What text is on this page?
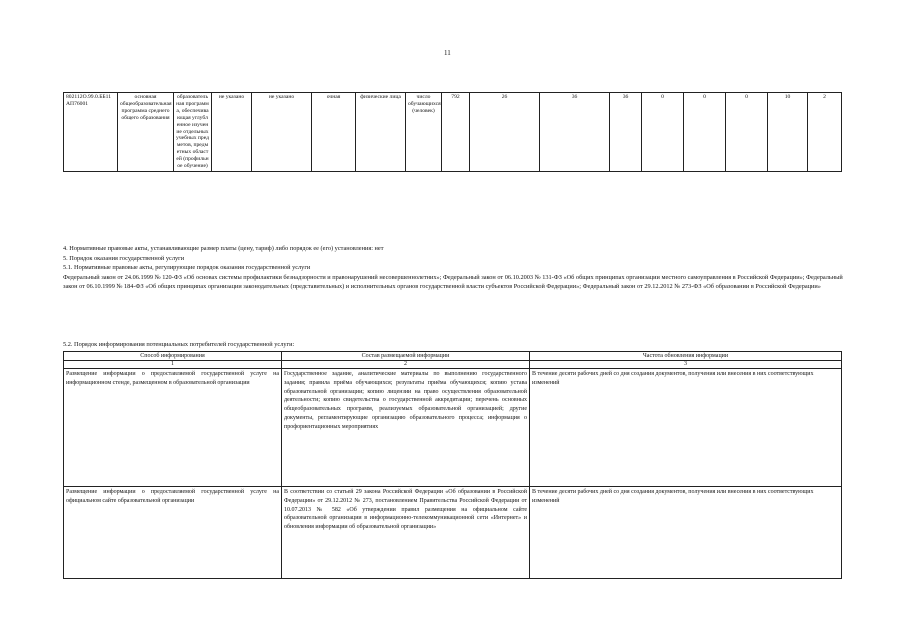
11
802112О.99.0.ББ11АП76001	основная общеобразовательная программа среднего общего образования	образовательная программа, обеспечивающая углубленное изучение отдельных учебных предметов, предметных областей (профильное обучение)	не указано	не указано	очная	физические лица	число обучающихся (человек)	792	26	36	36	0	0	0	10	2
4. Нормативные правовые акты, устанавливающие размер платы (цену, тариф) либо порядок ее (его) установления: нет
5. Порядок оказания государственной услуги
5.1. Нормативные правовые акты, регулирующие порядок оказания государственной услуги
Федеральный закон от 24.06.1999 № 120-ФЗ «Об основах системы профилактики безнадзорности и правонарушений несовершеннолетних»; Федеральный закон от 06.10.2003 № 131-ФЗ «Об общих принципах организации местного самоуправления в Российской Федерации»; Федеральный закон от 06.10.1999 № 184-ФЗ «Об общих принципах организации законодательных (представительных) и исполнительных органов государственной власти субъектов Российской Федерации»; Федеральный закон от 29.12.2012 № 273-ФЗ «Об образовании в Российской Федерации»
5.2. Порядок информирования потенциальных потребителей государственной услуги:
Способ информирования	Состав размещаемой информации	Частота обновления информации
1	2	3
Размещение информации о предоставляемой государственной услуге на информационном стенде, размещенном в образовательной организации	Государственное задание, аналитические материалы по выполнению государственного задания; правила приёма обучающихся; результаты приёма обучающихся; копию устава образовательной организации; копию лицензии на право осуществления образовательной деятельности; копию свидетельства о государственной аккредитации; перечень основных общеобразовательных программ, реализуемых образовательной организацией; другие документы, регламентирующие организацию образовательного процесса; информация о профориентационных мероприятиях	В течение десяти рабочих дней со дня создания документов, получения или внесения в них соответствующих изменений
Размещение информации о предоставляемой государственной услуге на официальном сайте образовательной организации	В соответствии со статьей 29 закона Российской Федерации «Об образовании в Российской Федерации» от 29.12.2012 № 273, постановлением Правительства Российской Федерации от 10.07.2013 № 582 «Об утверждении правил размещения на официальном сайте образовательной организации в информационно-телекоммуникационной сети «Интернет» и обновления информации об образовательной организации»	В течение десяти рабочих дней со дня создания документов, получения или внесения в них соответствующих изменений
